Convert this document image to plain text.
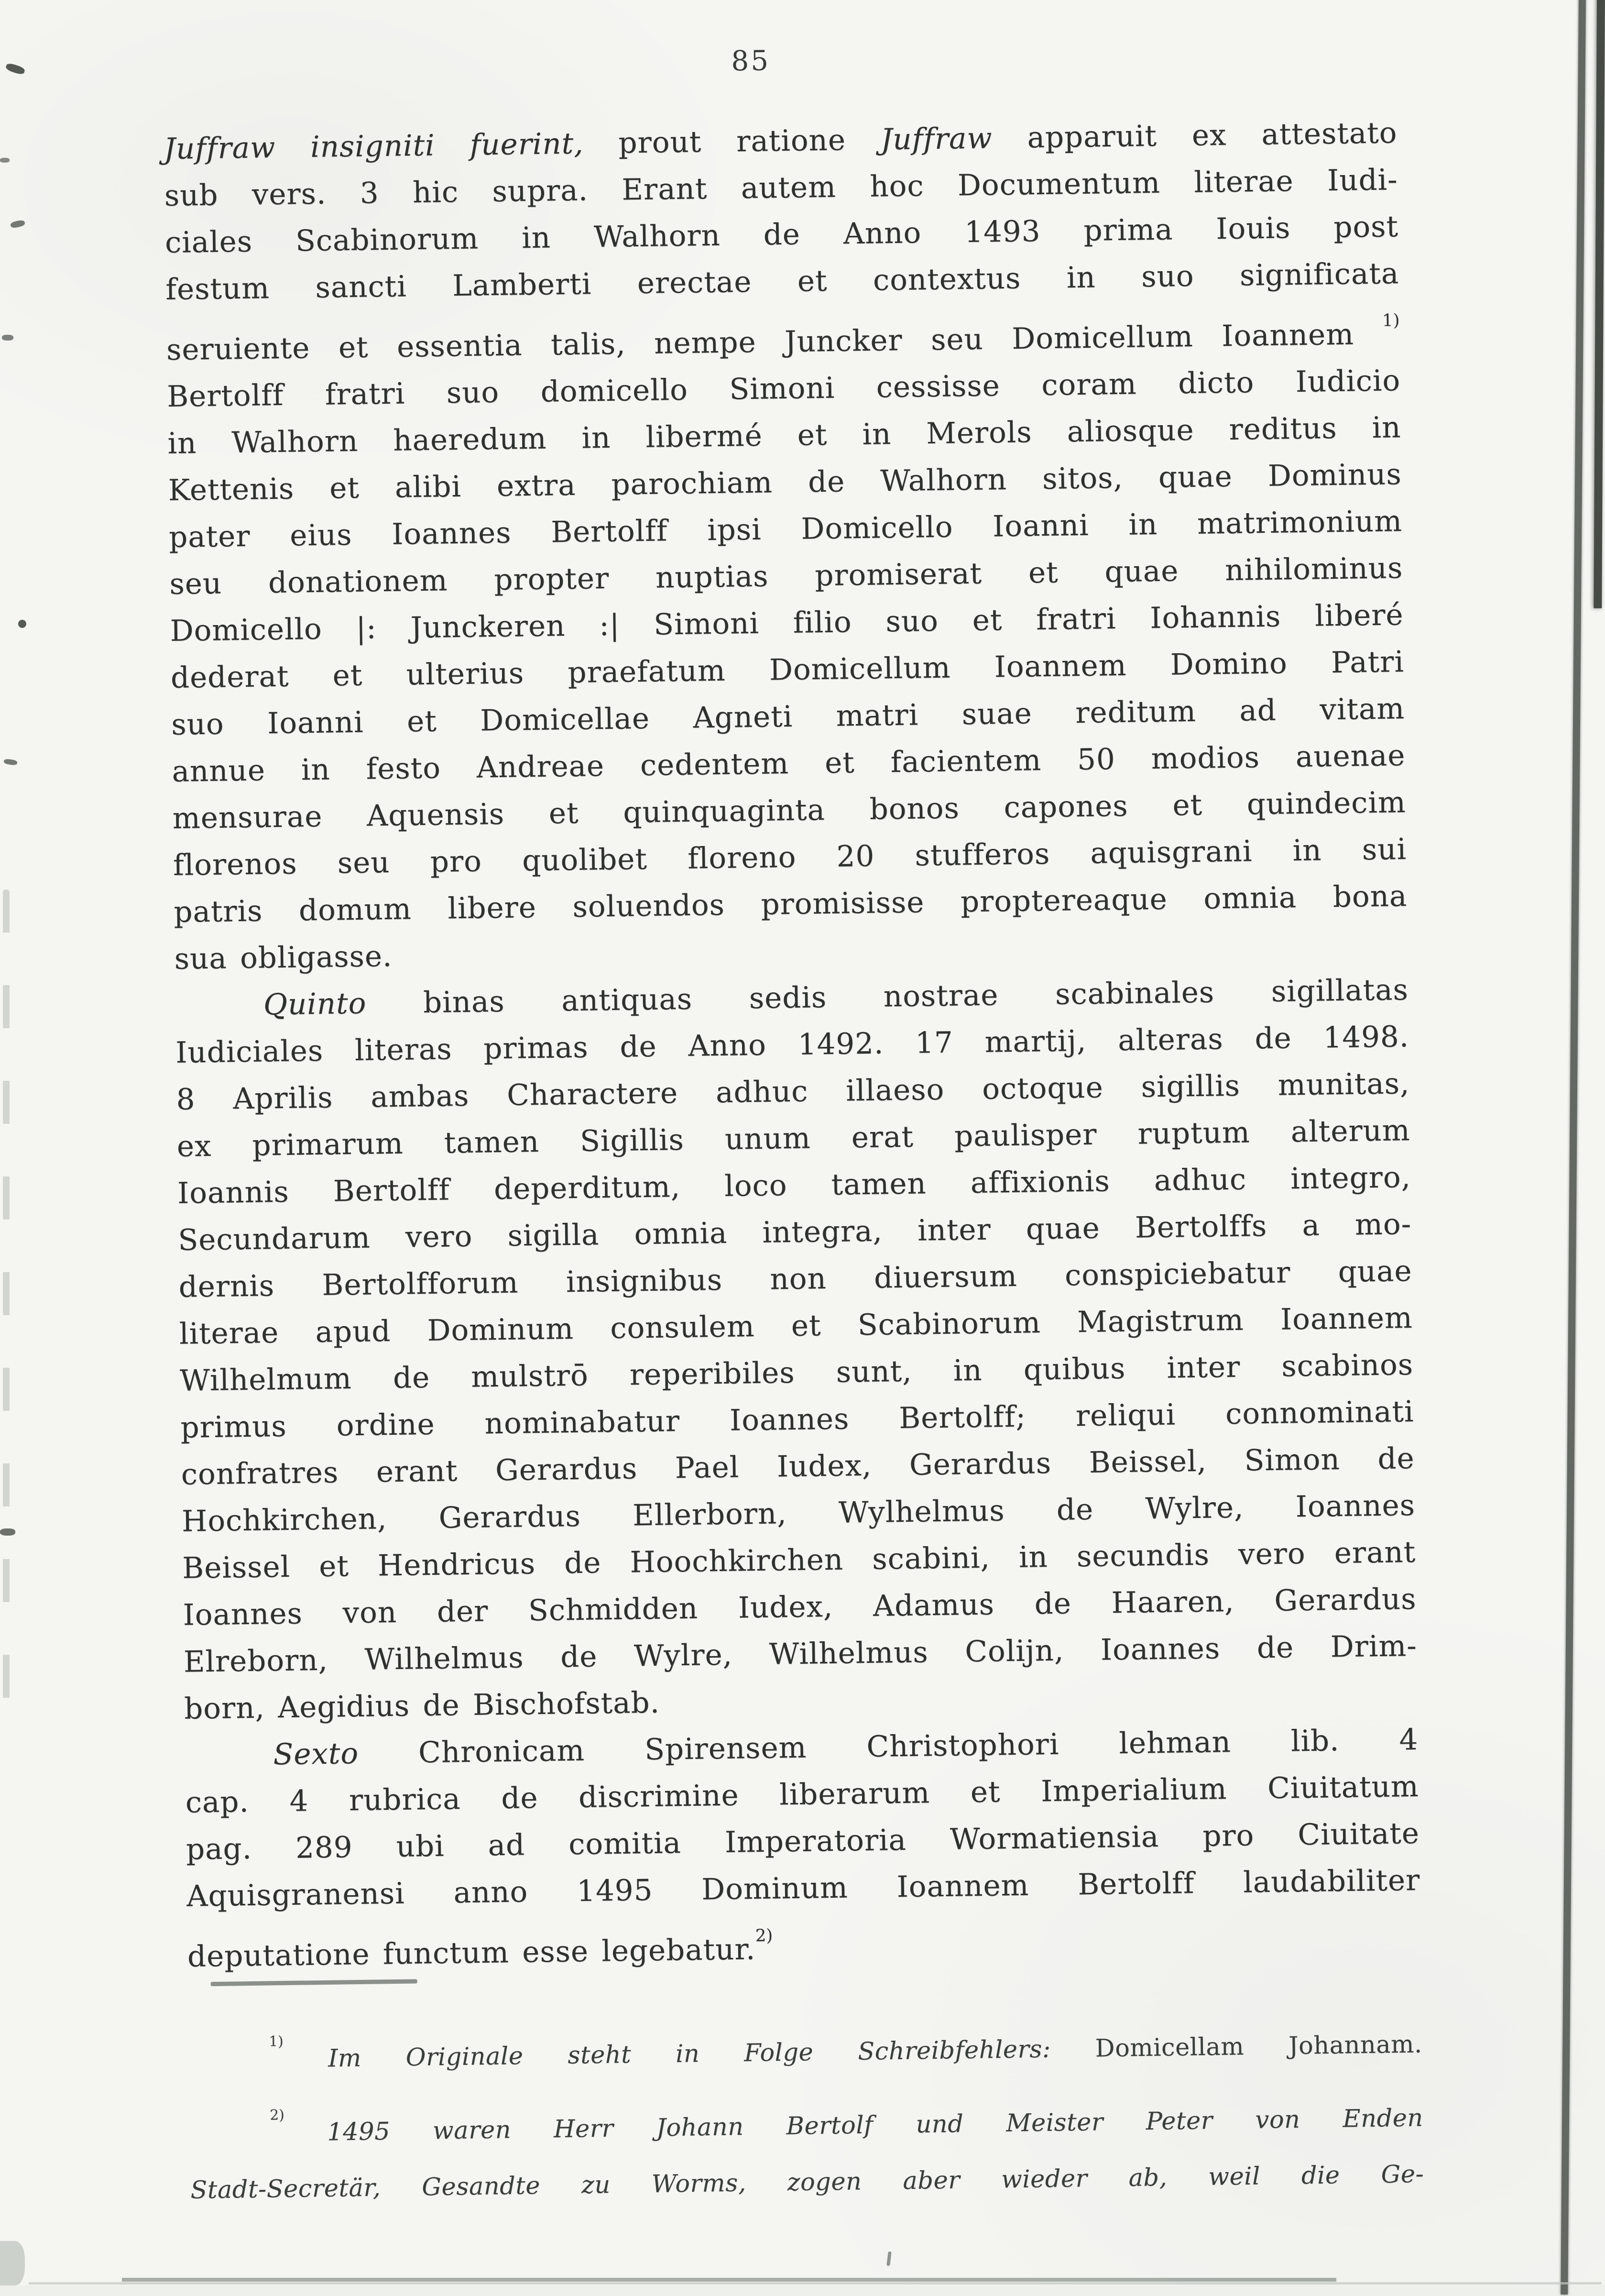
85
Juffraw insigniti fuerint, prout ratione Juffraw apparuit ex attestato
sub vers. 3 hic supra. Erant autem hoc Documentum literae Iudi-
ciales Scabinorum in Walhorn de Anno 1493 prima Iouis post
festum sancti Lamberti erectae et contextus in suo significata
seruiente et essentia talis, nempe Juncker seu Domicellum Ioannem $^{1)}$
Bertolff fratri suo domicello Simoni cessisse coram dicto Iudicio
in Walhorn haeredum in libermé et in Merols aliosque reditus in
Kettenis et alibi extra parochiam de Walhorn sitos, quae Dominus
pater eius Ioannes Bertolff ipsi Domicello Ioanni in matrimonium
seu donationem propter nuptias promiserat et quae nihilominus
Domicello |: Junckeren :| Simoni filio suo et fratri Iohannis liberé
dederat et ulterius praefatum Domicellum Ioannem Domino Patri
suo Ioanni et Domicellae Agneti matri suae reditum ad vitam
annue in festo Andreae cedentem et facientem 50 modios auenae
mensurae Aquensis et quinquaginta bonos capones et quindecim
florenos seu pro quolibet floreno 20 stufferos aquisgrani in sui
patris domum libere soluendos promisisse proptereaque omnia bona
sua obligasse.
Quinto binas antiquas sedis nostrae scabinales sigillatas
Iudiciales literas primas de Anno 1492. 17 martij, alteras de 1498.
8 Aprilis ambas Charactere adhuc illaeso octoque sigillis munitas,
ex primarum tamen Sigillis unum erat paulisper ruptum alterum
Ioannis Bertolff deperditum, loco tamen affixionis adhuc integro,
Secundarum vero sigilla omnia integra, inter quae Bertolffs a mo-
dernis Bertolfforum insignibus non diuersum conspiciebatur quae
literae apud Dominum consulem et Scabinorum Magistrum Ioannem
Wilhelmum de mulstrō reperibiles sunt, in quibus inter scabinos
primus ordine nominabatur Ioannes Bertolff; reliqui connominati
confratres erant Gerardus Pael Iudex, Gerardus Beissel, Simon de
Hochkirchen, Gerardus Ellerborn, Wylhelmus de Wylre, Ioannes
Beissel et Hendricus de Hoochkirchen scabini, in secundis vero erant
Ioannes von der Schmidden Iudex, Adamus de Haaren, Gerardus
Elreborn, Wilhelmus de Wylre, Wilhelmus Colijn, Ioannes de Drim-
born, Aegidius de Bischofstab.
Sexto Chronicam Spirensem Christophori lehman lib. 4
cap. 4 rubrica de discrimine liberarum et Imperialium Ciuitatum
pag. 289 ubi ad comitia Imperatoria Wormatiensia pro Ciuitate
Aquisgranensi anno 1495 Dominum Ioannem Bertolff laudabiliter
deputatione functum esse legebatur.$^{2)}$
$^{1)}$ Im Originale steht in Folge Schreibfehlers: Domicellam Johannam.
$^{2)}$ 1495 waren Herr Johann Bertolf und Meister Peter von Enden
Stadt-Secretär, Gesandte zu Worms, zogen aber wieder ab, weil die Ge-
